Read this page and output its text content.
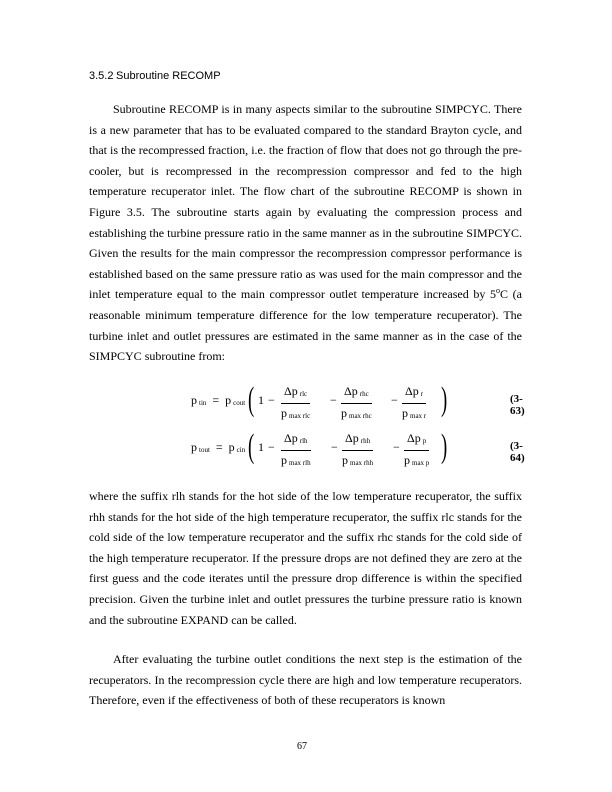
3.5.2 Subroutine RECOMP

Subroutine RECOMP is in many aspects similar to the subroutine SIMPCYC. There is a new parameter that has to be evaluated compared to the standard Brayton cycle, and that is the recompressed fraction, i.e. the fraction of flow that does not go through the pre-cooler, but is recompressed in the recompression compressor and fed to the high temperature recuperator inlet. The flow chart of the subroutine RECOMP is shown in Figure 3.5. The subroutine starts again by evaluating the compression process and establishing the turbine pressure ratio in the same manner as in the subroutine SIMPCYC. Given the results for the main compressor the recompression compressor performance is established based on the same pressure ratio as was used for the main compressor and the inlet temperature equal to the main compressor outlet temperature increased by 5$^o$C (a reasonable minimum temperature difference for the low temperature recuperator). The turbine inlet and outlet pressures are estimated in the same manner as in the case of the SIMPCYC subroutine from:

ptin = p cout ( 1 −
Δp rlc
pmax rlc
−
Δp rhc
pmax rhc
−
Δp r
pmax r )	(3-63)
ptout = p cin ( 1 −
Δp rlh
pmax rlh
−
Δp rhh
pmax rhh
−
Δp p
pmax p )	(3-64)

where the suffix rlh stands for the hot side of the low temperature recuperator, the suffix rhh stands for the hot side of the high temperature recuperator, the suffix rlc stands for the cold side of the low temperature recuperator and the suffix rhc stands for the cold side of the high temperature recuperator. If the pressure drops are not defined they are zero at the first guess and the code iterates until the pressure drop difference is within the specified precision. Given the turbine inlet and outlet pressures the turbine pressure ratio is known and the subroutine EXPAND can be called.

After evaluating the turbine outlet conditions the next step is the estimation of the recuperators. In the recompression cycle there are high and low temperature recuperators. Therefore, even if the effectiveness of both of these recuperators is known

67
